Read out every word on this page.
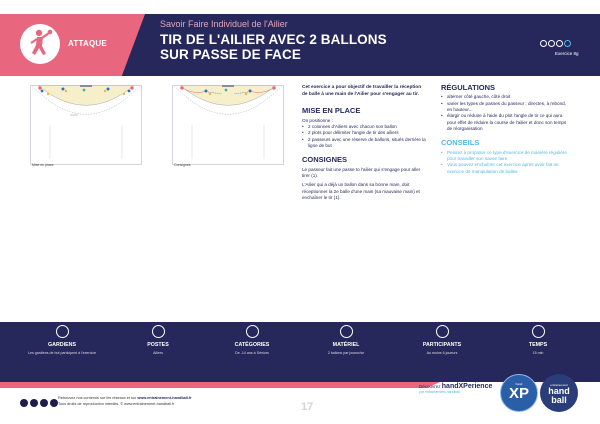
ATTAQUE
Savoir Faire Individuel de l'Ailier
TIR DE L'AILIER AVEC 2 BALLONS
SUR PASSE DE FACE	Exercice 8g
Mise en place	Consignes
Cet exercice a pour objectif de travailler la réception de balle à une main de l'Ailier pour s'engager au tir.
MISE EN PLACE
On positionne :
• 2 colonnes d'Ailiers avec chacun son ballon
• 2 plots pour délimiter l'angle de tir des ailiers
• 2 passeurs avec une réserve de ballons, situés derrière la ligne de but
CONSIGNES

Le passeur fait une passe to l'ailier qui s'engage pour aller tirer (1).

L'Ailier qui a déjà un ballon dans sa bonne main, doit réceptionner la 2e balle d'une main (sa mauvaise main) et enchaîner le tir (1).

RÉGULATIONS
• alterner côté gauche, côté droit
• varier les types de passes du passeur : directes, à rebond, en hauteur...
• élargir ou réduire à l'aide du plot l'angle de tir ce qui aura pour effet de réduire la course de l'ailier et donc son temps de réorganisation
CONSEILS
• Pensez à proposer ce type d'exercice de manière régulière pour travailler son savoir faire
• Vous pouvez enchaîner cet exercice après avoir fait un exercice de manipulation de balles
GARDIENS
Les gardiens de but participent à l'exercice
POSTES
Ailiers
CATÉGORIES
De -14 ans à Séniors
MATÉRIEL
2 ballons par joueur/se
PARTICIPANTS
Au moins 6 joueurs
TEMPS
15 min
Retrouvez nos contenus sur les réseaux et sur www.entrainement-handball.fr
Tous droits de reproduction interdits. © www.entrainement-handball.fr	17
Découvrez handXPerience
par entrainement-handball
hand
XP	entrainement
hand ball
